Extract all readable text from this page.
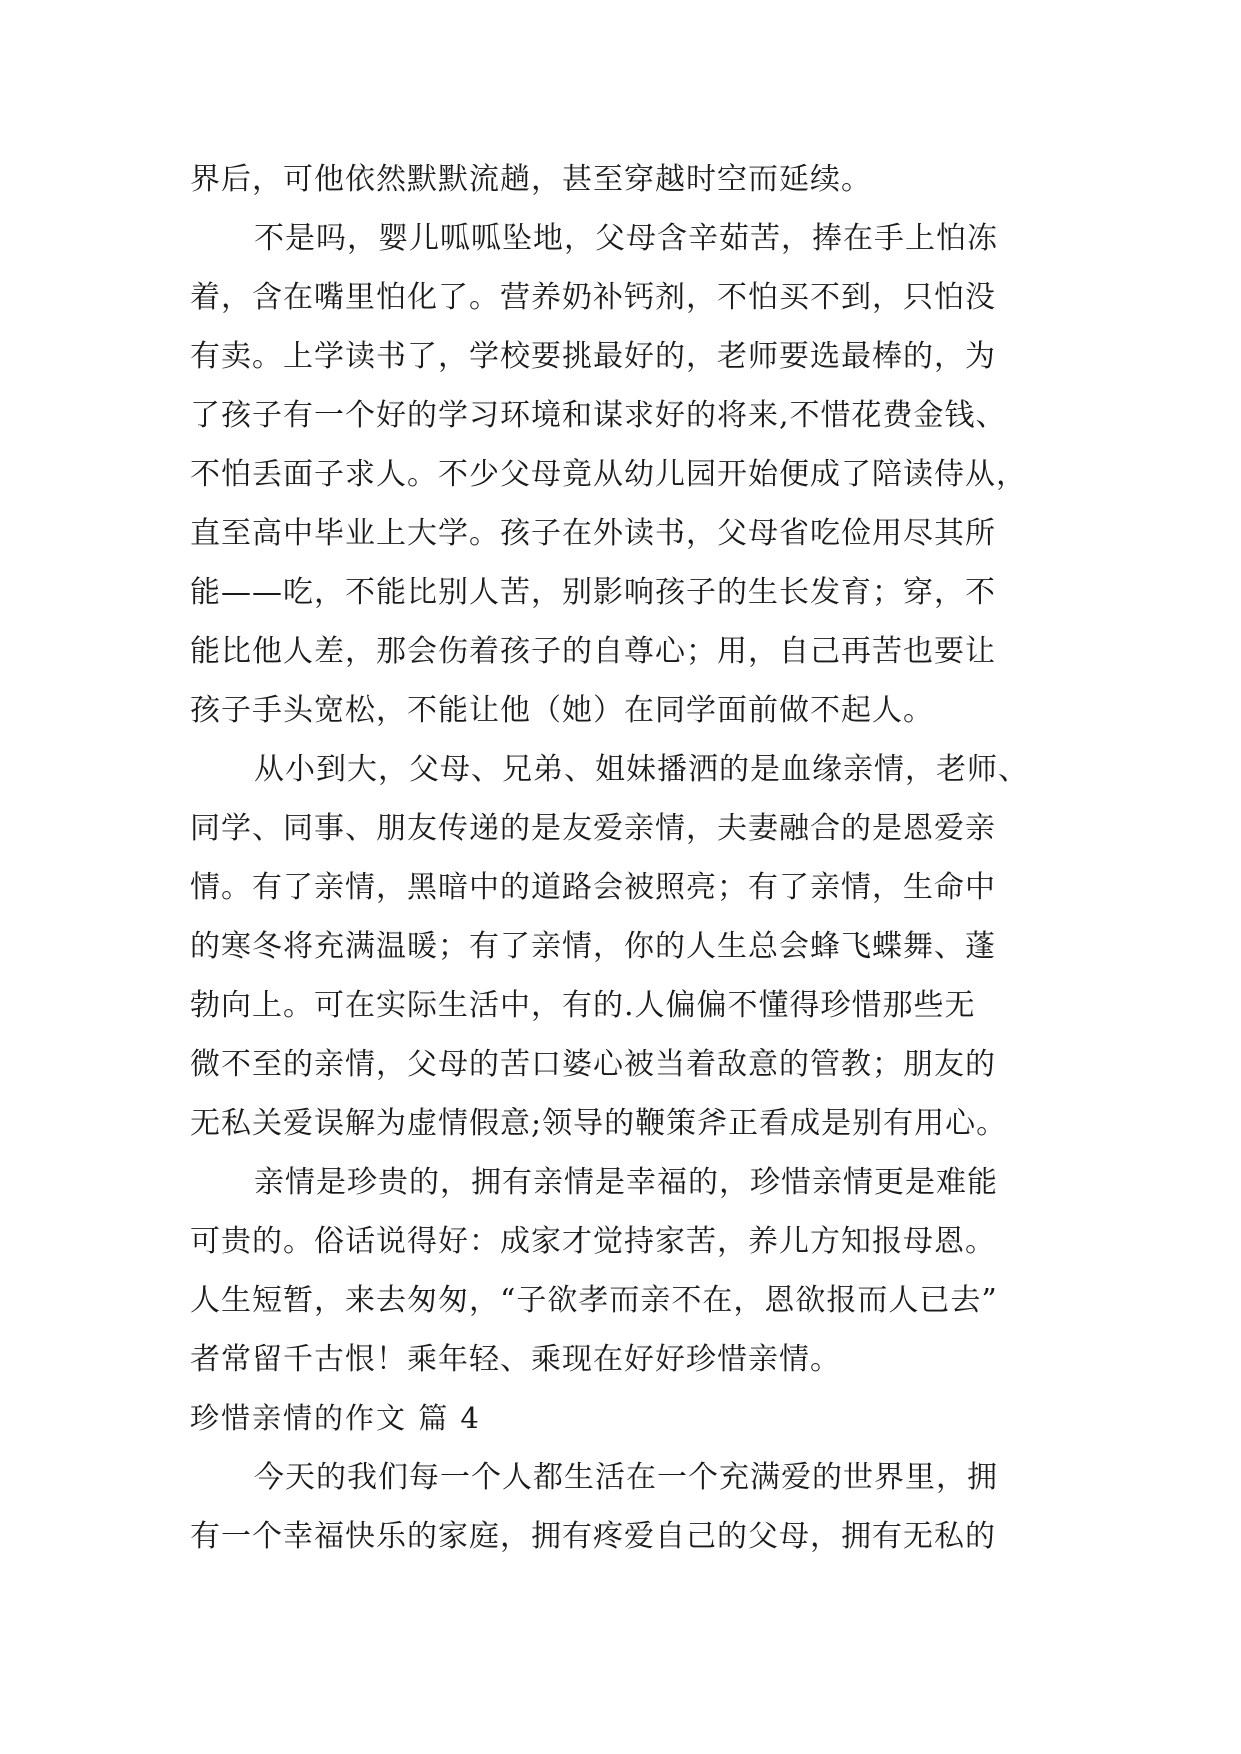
界后，可他依然默默流趟，甚至穿越时空而延续。
不是吗，婴儿呱呱坠地，父母含辛茹苦，捧在手上怕冻
着，含在嘴里怕化了。营养奶补钙剂，不怕买不到，只怕没
有卖。上学读书了，学校要挑最好的，老师要选最棒的，为
了孩子有一个好的学习环境和谋求好的将来,不惜花费金钱、
不怕丢面子求人。不少父母竟从幼儿园开始便成了陪读侍从，
直至高中毕业上大学。孩子在外读书，父母省吃俭用尽其所
能——吃，不能比别人苦，别影响孩子的生长发育；穿，不
能比他人差，那会伤着孩子的自尊心；用，自己再苦也要让
孩子手头宽松，不能让他（她）在同学面前做不起人。
从小到大，父母、兄弟、姐妹播洒的是血缘亲情，老师、
同学、同事、朋友传递的是友爱亲情，夫妻融合的是恩爱亲
情。有了亲情，黑暗中的道路会被照亮；有了亲情，生命中
的寒冬将充满温暖；有了亲情，你的人生总会蜂飞蝶舞、蓬
勃向上。可在实际生活中，有的.人偏偏不懂得珍惜那些无
微不至的亲情，父母的苦口婆心被当着敌意的管教；朋友的
无私关爱误解为虚情假意;领导的鞭策斧正看成是别有用心。
亲情是珍贵的，拥有亲情是幸福的，珍惜亲情更是难能
可贵的。俗话说得好：成家才觉持家苦，养儿方知报母恩。
人生短暂，来去匆匆，“子欲孝而亲不在，恩欲报而人已去”
者常留千古恨！乘年轻、乘现在好好珍惜亲情。
珍惜亲情的作文 篇 4
今天的我们每一个人都生活在一个充满爱的世界里，拥
有一个幸福快乐的家庭，拥有疼爱自己的父母，拥有无私的
